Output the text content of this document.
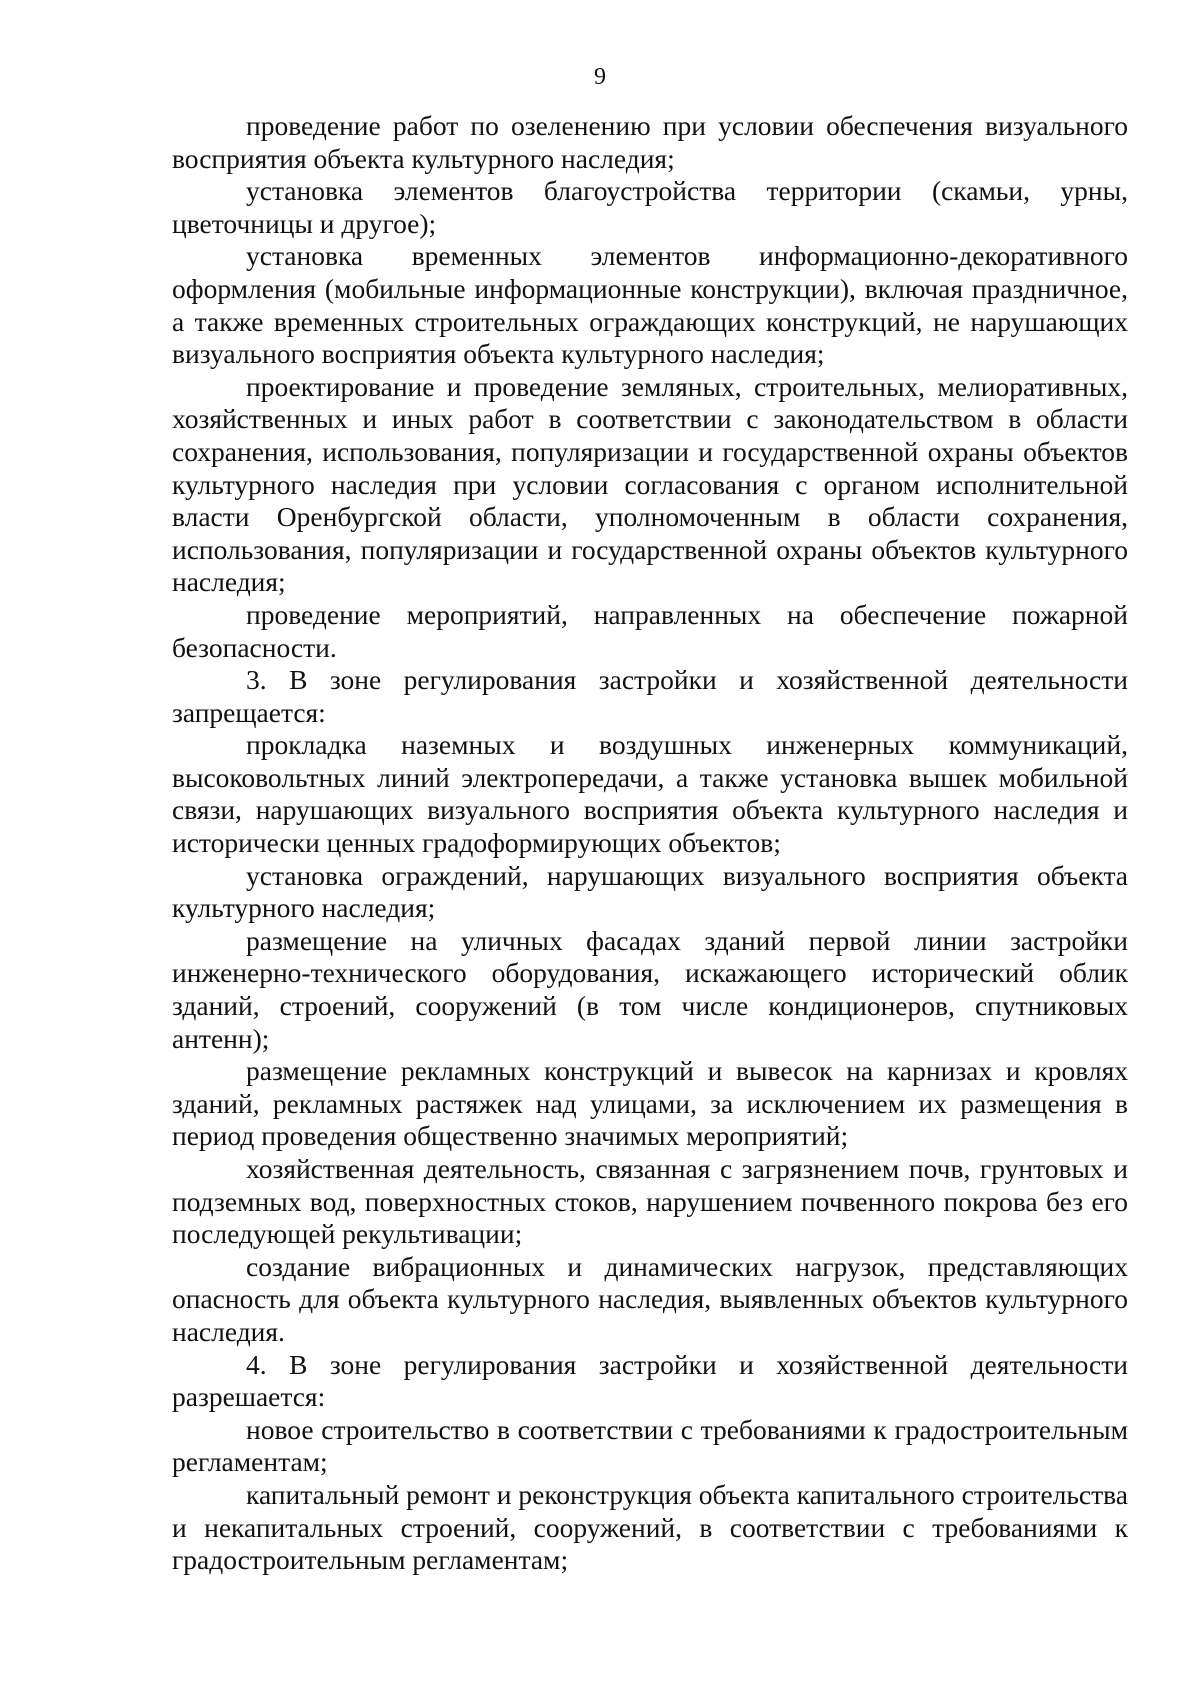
9

проведение работ по озеленению при условии обеспечения визуального восприятия объекта культурного наследия;

установка элементов благоустройства территории (скамьи, урны, цветочницы и другое);

установка временных элементов информационно-декоративного оформления (мобильные информационные конструкции), включая праздничное, а также временных строительных ограждающих конструкций, не нарушающих визуального восприятия объекта культурного наследия;

проектирование и проведение земляных, строительных, мелиоративных, хозяйственных и иных работ в соответствии с законодательством в области сохранения, использования, популяризации и государственной охраны объектов культурного наследия при условии согласования с органом исполнительной власти Оренбургской области, уполномоченным в области сохранения, использования, популяризации и государственной охраны объектов культурного наследия;

проведение мероприятий, направленных на обеспечение пожарной безопасности.

3. В зоне регулирования застройки и хозяйственной деятельности запрещается:

прокладка наземных и воздушных инженерных коммуникаций, высоковольтных линий электропередачи, а также установка вышек мобильной связи, нарушающих визуального восприятия объекта культурного наследия и исторически ценных градоформирующих объектов;

установка ограждений, нарушающих визуального восприятия объекта культурного наследия;

размещение на уличных фасадах зданий первой линии застройки инженерно-технического оборудования, искажающего исторический облик зданий, строений, сооружений (в том числе кондиционеров, спутниковых антенн);

размещение рекламных конструкций и вывесок на карнизах и кровлях зданий, рекламных растяжек над улицами, за исключением их размещения в период проведения общественно значимых мероприятий;

хозяйственная деятельность, связанная с загрязнением почв, грунтовых и подземных вод, поверхностных стоков, нарушением почвенного покрова без его последующей рекультивации;

создание вибрационных и динамических нагрузок, представляющих опасность для объекта культурного наследия, выявленных объектов культурного наследия.

4. В зоне регулирования застройки и хозяйственной деятельности разрешается:

новое строительство в соответствии с требованиями к градостроительным регламентам;

капитальный ремонт и реконструкция объекта капитального строительства и некапитальных строений, сооружений, в соответствии с требованиями к градостроительным регламентам;
